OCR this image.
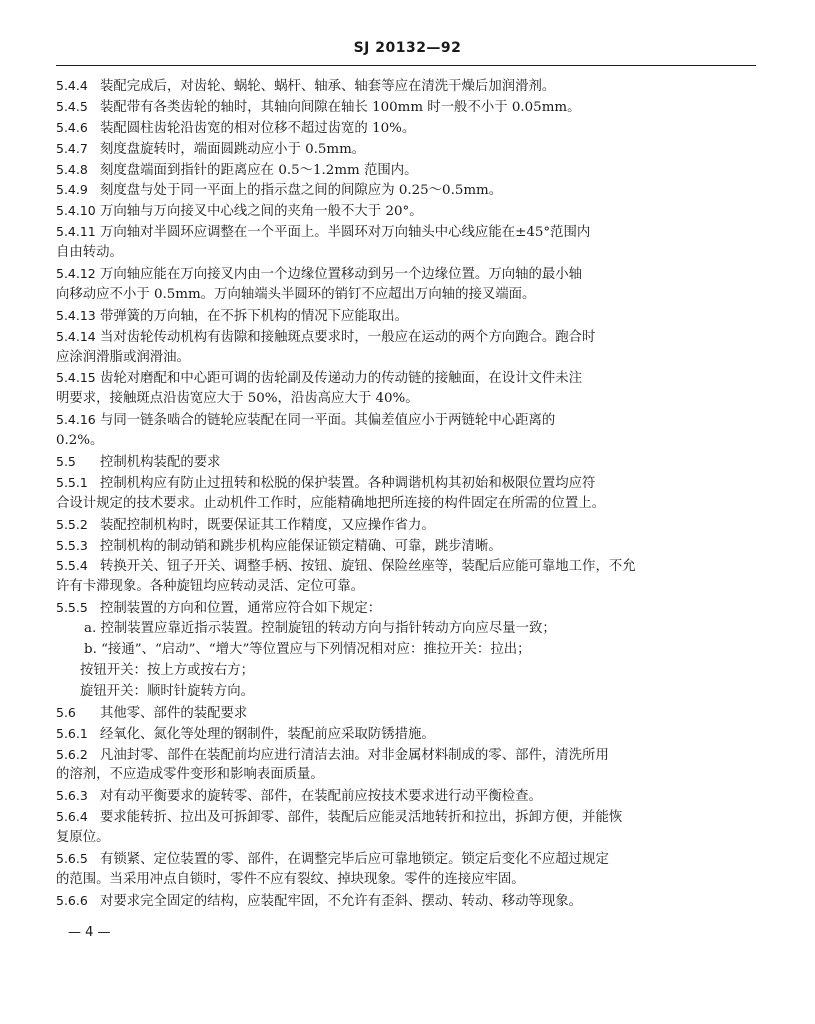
SJ 20132—92
5.4.4 装配完成后，对齿轮、蜗轮、蜗杆、轴承、轴套等应在清洗干燥后加润滑剂。
5.4.5 装配带有各类齿轮的轴时，其轴向间隙在轴长 100mm 时一般不小于 0.05mm。
5.4.6 装配圆柱齿轮沿齿宽的相对位移不超过齿宽的 10%。
5.4.7 刻度盘旋转时，端面圆跳动应小于 0.5mm。
5.4.8 刻度盘端面到指针的距离应在 0.5～1.2mm 范围内。
5.4.9 刻度盘与处于同一平面上的指示盘之间的间隙应为 0.25～0.5mm。
5.4.10 万向轴与万向接叉中心线之间的夹角一般不大于 20°。
5.4.11 万向轴对半圆环应调整在一个平面上。半圆环对万向轴头中心线应能在±45°范围内
自由转动。
5.4.12 万向轴应能在万向接叉内由一个边缘位置移动到另一个边缘位置。万向轴的最小轴
向移动应不小于 0.5mm。万向轴端头半圆环的销钉不应超出万向轴的接叉端面。
5.4.13 带弹簧的万向轴，在不拆下机构的情况下应能取出。
5.4.14 当对齿轮传动机构有齿隙和接触斑点要求时，一般应在运动的两个方向跑合。跑合时
应涂润滑脂或润滑油。
5.4.15 齿轮对磨配和中心距可调的齿轮副及传递动力的传动链的接触面，在设计文件未注
明要求，接触斑点沿齿宽应大于 50%，沿齿高应大于 40%。
5.4.16 与同一链条啮合的链轮应装配在同一平面。其偏差值应小于两链轮中心距离的
0.2%。
5.5 控制机构装配的要求
5.5.1 控制机构应有防止过扭转和松脱的保护装置。各种调谐机构其初始和极限位置均应符
合设计规定的技术要求。止动机件工作时，应能精确地把所连接的构件固定在所需的位置上。
5.5.2 装配控制机构时，既要保证其工作精度，又应操作省力。
5.5.3 控制机构的制动销和跳步机构应能保证锁定精确、可靠，跳步清晰。
5.5.4 转换开关、钮子开关、调整手柄、按钮、旋钮、保险丝座等，装配后应能可靠地工作，不允
许有卡滞现象。各种旋钮均应转动灵活、定位可靠。
5.5.5 控制装置的方向和位置，通常应符合如下规定：
a. 控制装置应靠近指示装置。控制旋钮的转动方向与指针转动方向应尽量一致；
b. “接通”、“启动”、“增大”等位置应与下列情况相对应：推拉开关：拉出；
按钮开关：按上方或按右方；
旋钮开关：顺时针旋转方向。
5.6 其他零、部件的装配要求
5.6.1 经氧化、氮化等处理的钢制件，装配前应采取防锈措施。
5.6.2 凡油封零、部件在装配前均应进行清洁去油。对非金属材料制成的零、部件，清洗所用
的溶剂，不应造成零件变形和影响表面质量。
5.6.3 对有动平衡要求的旋转零、部件，在装配前应按技术要求进行动平衡检查。
5.6.4 要求能转折、拉出及可拆卸零、部件，装配后应能灵活地转折和拉出，拆卸方便，并能恢
复原位。
5.6.5 有锁紧、定位装置的零、部件，在调整完毕后应可靠地锁定。锁定后变化不应超过规定
的范围。当采用冲点自锁时，零件不应有裂纹、掉块现象。零件的连接应牢固。
5.6.6 对要求完全固定的结构，应装配牢固，不允许有歪斜、摆动、转动、移动等现象。
— 4 —
